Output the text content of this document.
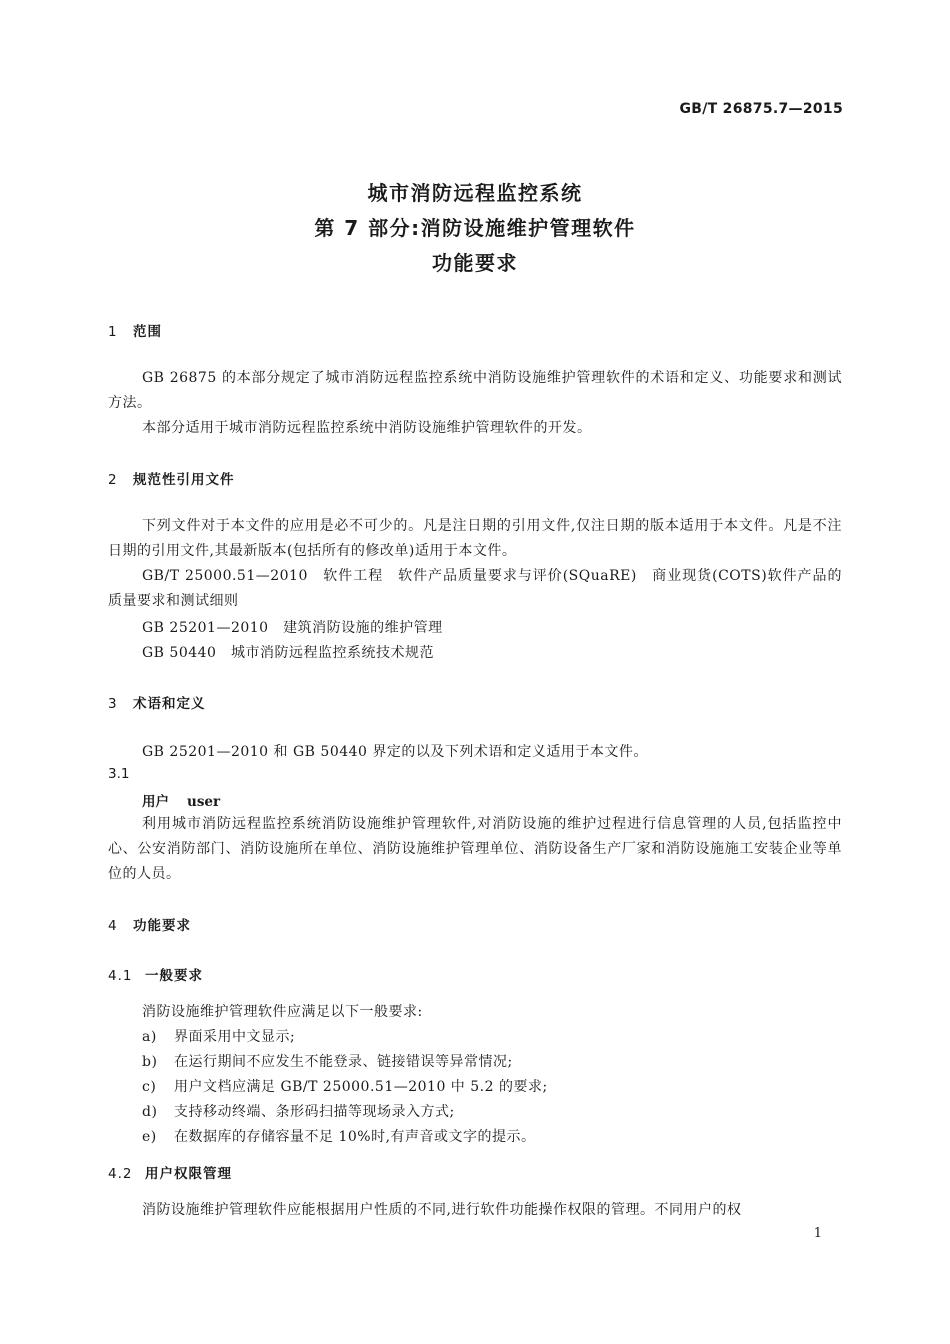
GB/T 26875.7—2015
城市消防远程监控系统
第 7 部分:消防设施维护管理软件
功能要求
1 范围
GB 26875 的本部分规定了城市消防远程监控系统中消防设施维护管理软件的术语和定义、功能要求和测试方法。
本部分适用于城市消防远程监控系统中消防设施维护管理软件的开发。
2 规范性引用文件
下列文件对于本文件的应用是必不可少的。凡是注日期的引用文件,仅注日期的版本适用于本文件。凡是不注日期的引用文件,其最新版本(包括所有的修改单)适用于本文件。
GB/T 25000.51—2010　软件工程　软件产品质量要求与评价(SQuaRE)　商业现货(COTS)软件产品的质量要求和测试细则
GB 25201—2010　建筑消防设施的维护管理
GB 50440　城市消防远程监控系统技术规范
3 术语和定义
GB 25201—2010 和 GB 50440 界定的以及下列术语和定义适用于本文件。
3.1
用户 user
利用城市消防远程监控系统消防设施维护管理软件,对消防设施的维护过程进行信息管理的人员,包括监控中心、公安消防部门、消防设施所在单位、消防设施维护管理单位、消防设备生产厂家和消防设施施工安装企业等单位的人员。
4 功能要求
4.1 一般要求
消防设施维护管理软件应满足以下一般要求:
a) 界面采用中文显示;
b) 在运行期间不应发生不能登录、链接错误等异常情况;
c) 用户文档应满足 GB/T 25000.51—2010 中 5.2 的要求;
d) 支持移动终端、条形码扫描等现场录入方式;
e) 在数据库的存储容量不足 10%时,有声音或文字的提示。
4.2 用户权限管理
消防设施维护管理软件应能根据用户性质的不同,进行软件功能操作权限的管理。不同用户的权
1
